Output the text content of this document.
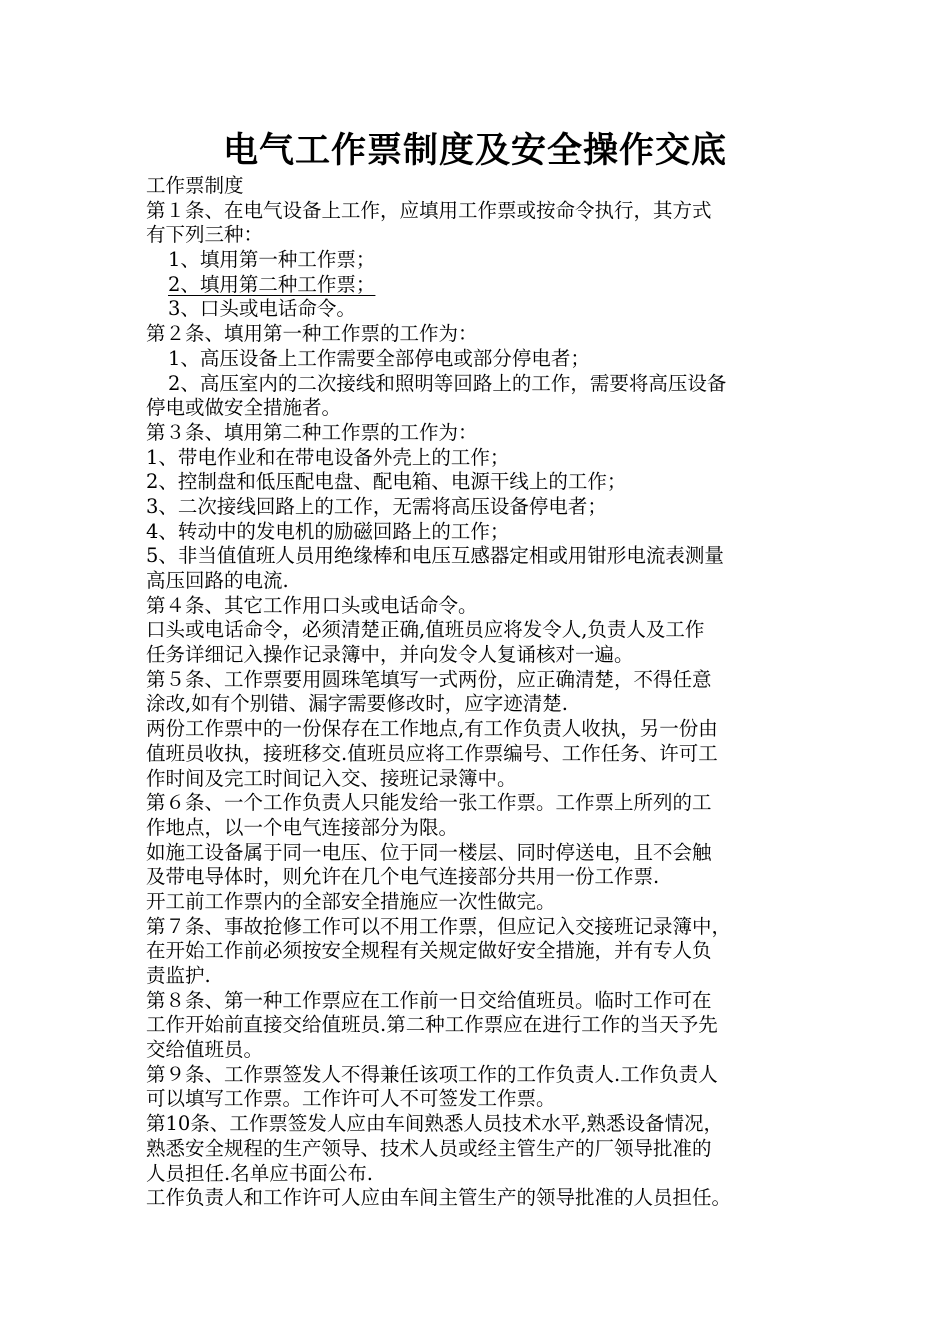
电气工作票制度及安全操作交底
工作票制度
第１条、在电气设备上工作，应填用工作票或按命令执行，其方式
有下列三种：
1、填用第一种工作票；
2、填用第二种工作票；
3、口头或电话命令。
第２条、填用第一种工作票的工作为：
1、高压设备上工作需要全部停电或部分停电者；
2、高压室内的二次接线和照明等回路上的工作，需要将高压设备
停电或做安全措施者。
第３条、填用第二种工作票的工作为：
1、带电作业和在带电设备外壳上的工作；
2、控制盘和低压配电盘、配电箱、电源干线上的工作；
3、二次接线回路上的工作，无需将高压设备停电者；
4、转动中的发电机的励磁回路上的工作；
5、非当值值班人员用绝缘棒和电压互感器定相或用钳形电流表测量
高压回路的电流.
第４条、其它工作用口头或电话命令。
口头或电话命令，必须清楚正确,值班员应将发令人,负责人及工作
任务详细记入操作记录簿中，并向发令人复诵核对一遍。
第５条、工作票要用圆珠笔填写一式两份，应正确清楚，不得任意
涂改,如有个别错、漏字需要修改时，应字迹清楚.
两份工作票中的一份保存在工作地点,有工作负责人收执，另一份由
值班员收执，接班移交.值班员应将工作票编号、工作任务、许可工
作时间及完工时间记入交、接班记录簿中。
第６条、一个工作负责人只能发给一张工作票。工作票上所列的工
作地点，以一个电气连接部分为限。
如施工设备属于同一电压、位于同一楼层、同时停送电，且不会触
及带电导体时，则允许在几个电气连接部分共用一份工作票.
开工前工作票内的全部安全措施应一次性做完。
第７条、事故抢修工作可以不用工作票，但应记入交接班记录簿中，
在开始工作前必须按安全规程有关规定做好安全措施，并有专人负
责监护.
第８条、第一种工作票应在工作前一日交给值班员。临时工作可在
工作开始前直接交给值班员.第二种工作票应在进行工作的当天予先
交给值班员。
第９条、工作票签发人不得兼任该项工作的工作负责人.工作负责人
可以填写工作票。工作许可人不可签发工作票。
第10条、工作票签发人应由车间熟悉人员技术水平,熟悉设备情况，
熟悉安全规程的生产领导、技术人员或经主管生产的厂领导批准的
人员担任.名单应书面公布.
工作负责人和工作许可人应由车间主管生产的领导批准的人员担任。
